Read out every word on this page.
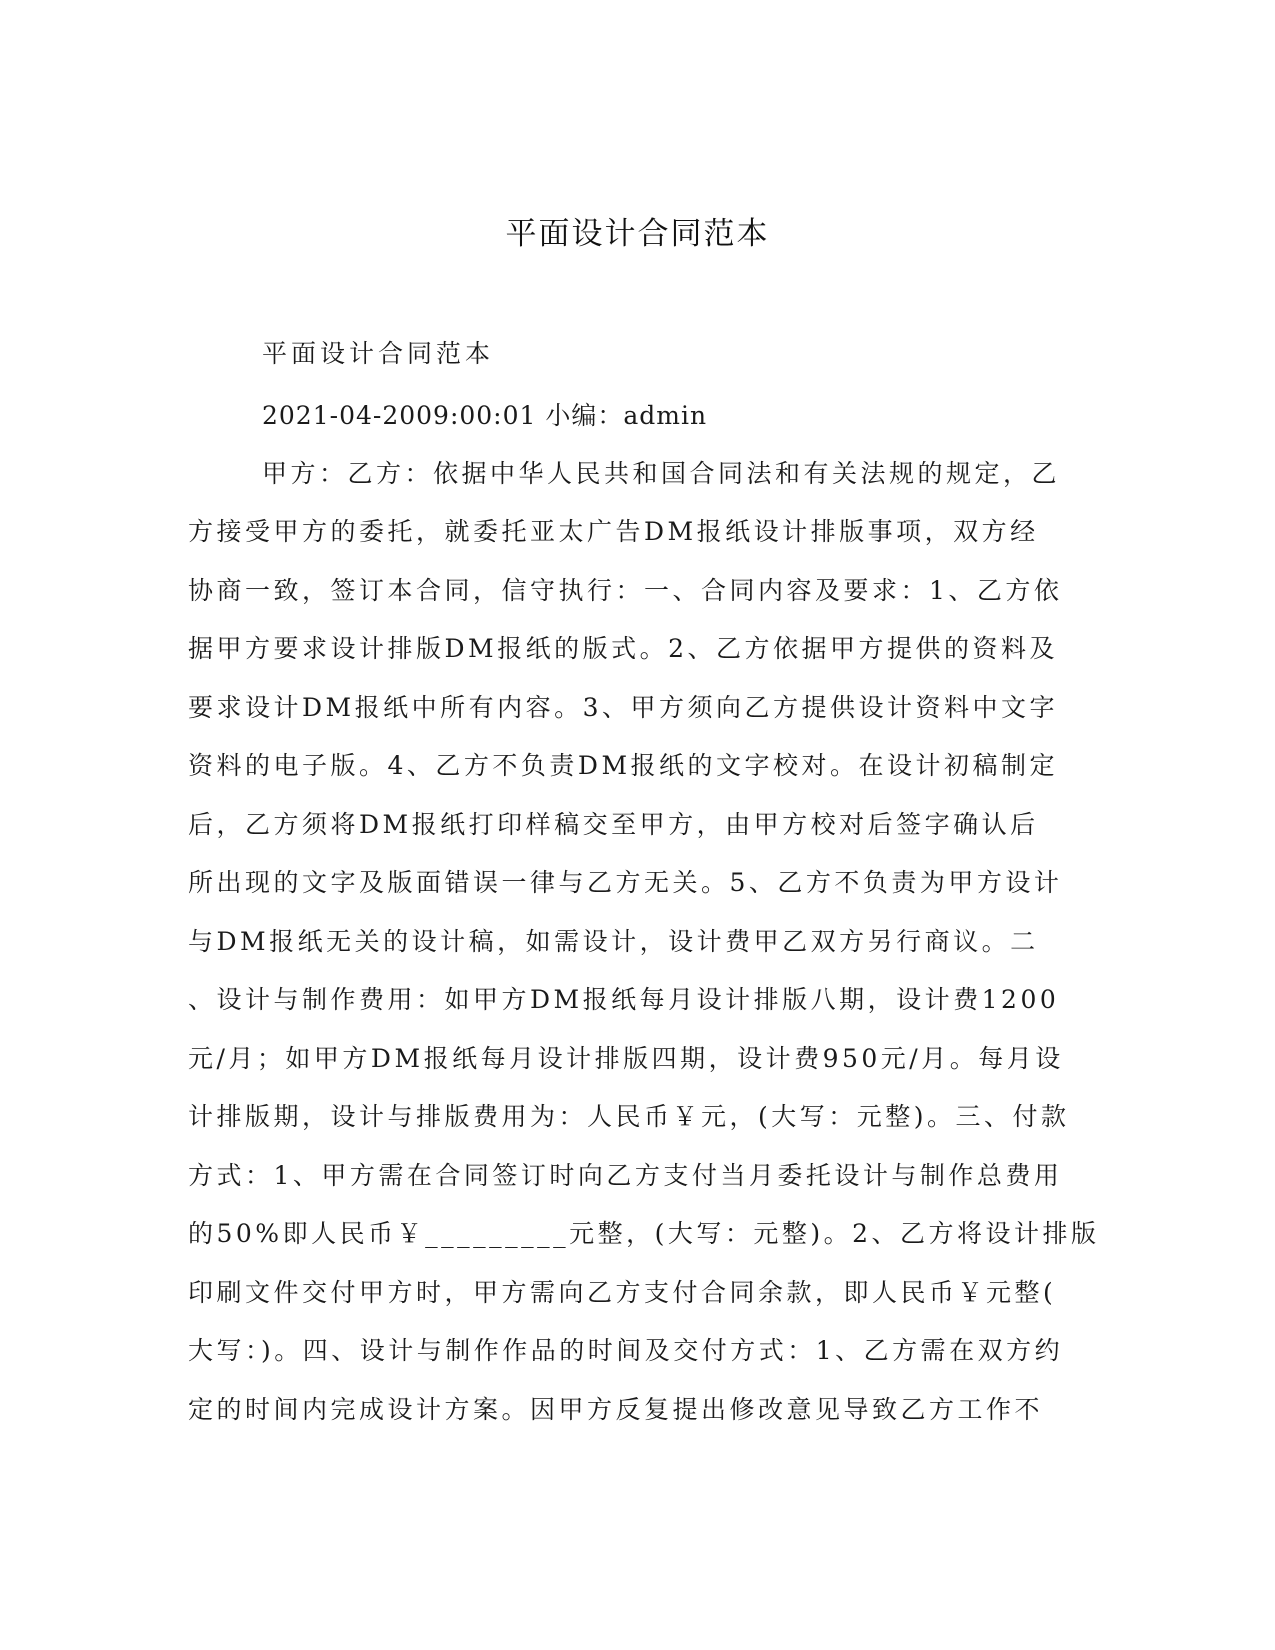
平面设计合同范本
平面设计合同范本
2021-04-2009:00:01 小编：admin
甲方：乙方：依据中华人民共和国合同法和有关法规的规定，乙
方接受甲方的委托，就委托亚太广告DM报纸设计排版事项，双方经
协商一致，签订本合同，信守执行：一、合同内容及要求：1、乙方依
据甲方要求设计排版DM报纸的版式。2、乙方依据甲方提供的资料及
要求设计DM报纸中所有内容。3、甲方须向乙方提供设计资料中文字
资料的电子版。4、乙方不负责DM报纸的文字校对。在设计初稿制定
后，乙方须将DM报纸打印样稿交至甲方，由甲方校对后签字确认后
所出现的文字及版面错误一律与乙方无关。5、乙方不负责为甲方设计
与DM报纸无关的设计稿，如需设计，设计费甲乙双方另行商议。二
、设计与制作费用：如甲方DM报纸每月设计排版八期，设计费1200
元/月；如甲方DM报纸每月设计排版四期，设计费950元/月。每月设
计排版期，设计与排版费用为：人民币￥元，(大写：元整)。三、付款
方式：1、甲方需在合同签订时向乙方支付当月委托设计与制作总费用
的50%即人民币￥_________元整，(大写：元整)。2、乙方将设计排版
印刷文件交付甲方时，甲方需向乙方支付合同余款，即人民币￥元整(
大写：)。四、设计与制作作品的时间及交付方式：1、乙方需在双方约
定的时间内完成设计方案。因甲方反复提出修改意见导致乙方工作不
